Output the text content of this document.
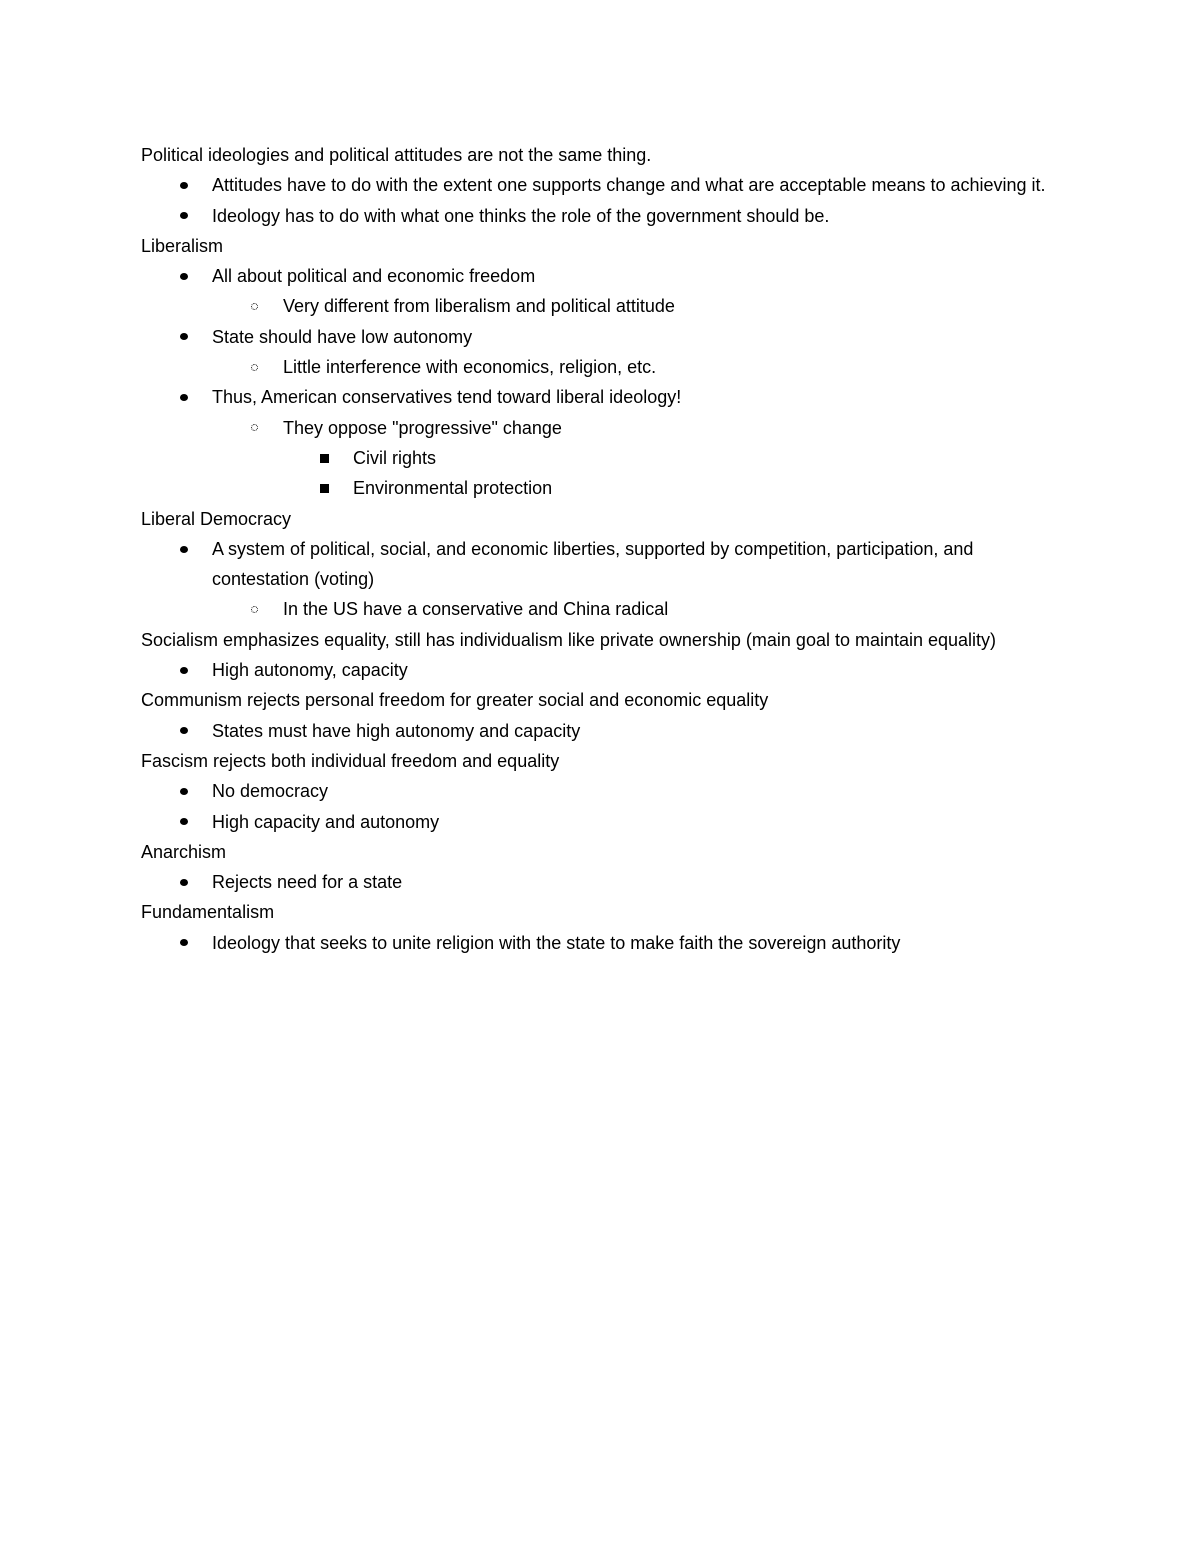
Political ideologies and political attitudes are not the same thing.
Attitudes have to do with the extent one supports change and what are acceptable means to achieving it.
Ideology has to do with what one thinks the role of the government should be.
Liberalism
All about political and economic freedom
Very different from liberalism and political attitude
State should have low autonomy
Little interference with economics, religion, etc.
Thus, American conservatives tend toward liberal ideology!
They oppose "progressive" change
Civil rights
Environmental protection
Liberal Democracy
A system of political, social, and economic liberties, supported by competition, participation, and contestation (voting)
In the US have a conservative and China radical
Socialism emphasizes equality, still has individualism like private ownership (main goal to maintain equality)
High autonomy, capacity
Communism rejects personal freedom for greater social and economic equality
States must have high autonomy and capacity
Fascism rejects both individual freedom and equality
No democracy
High capacity and autonomy
Anarchism
Rejects need for a state
Fundamentalism
Ideology that seeks to unite religion with the state to make faith the sovereign authority
